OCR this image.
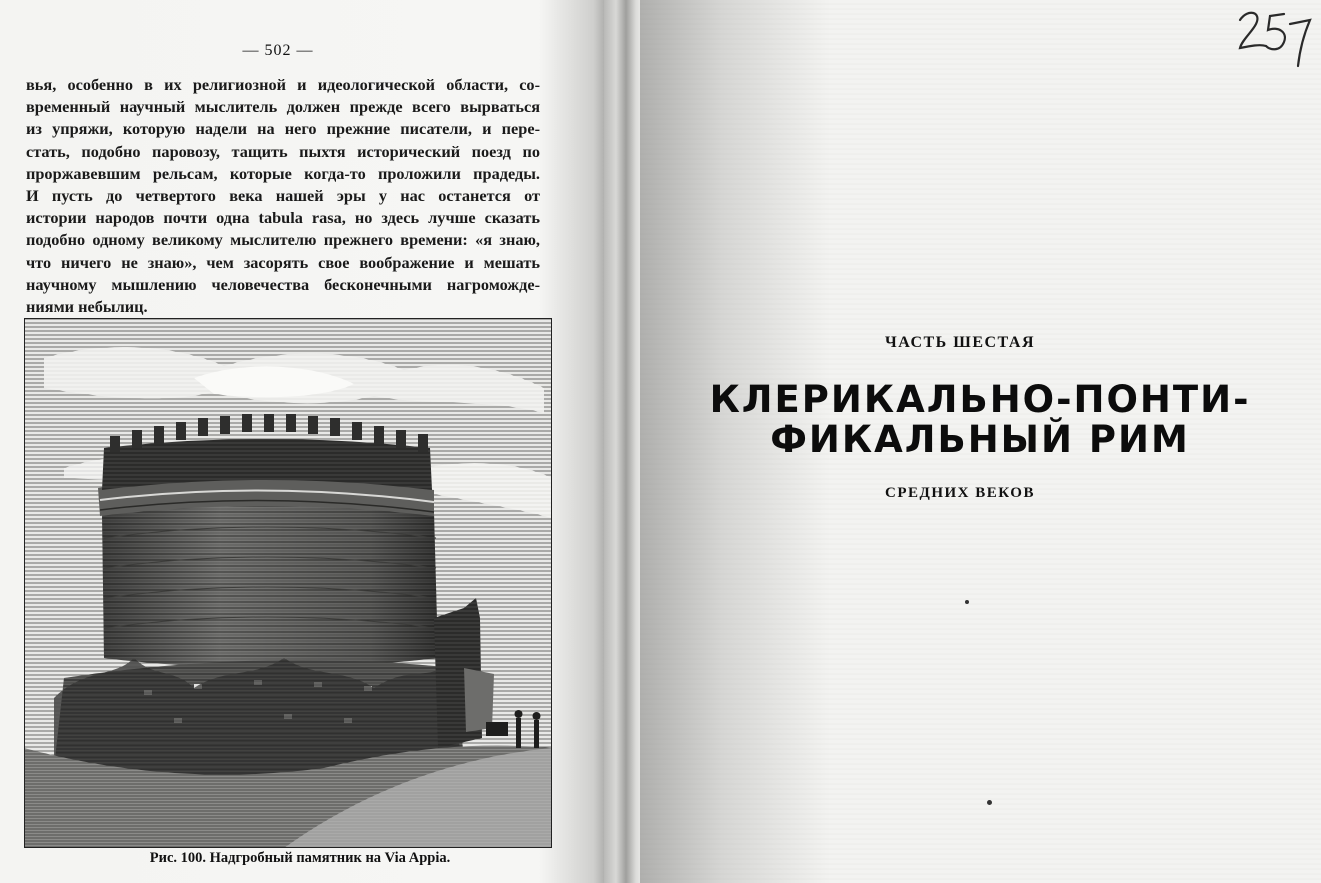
— 502 —
вья, особенно в их религиозной и идеологической области, со-
временный научный мыслитель должен прежде всего вырваться
из упряжи, которую надели на него прежние писатели, и пере-
стать, подобно паровозу, тащить пыхтя исторический поезд по
проржавевшим рельсам, которые когда-то проложили прадеды.
И пусть до четвертого века нашей эры у нас останется от
истории народов почти одна tabula rasa, но здесь лучше сказать
подобно одному великому мыслителю прежнего времени: «я знаю,
что ничего не знаю», чем засорять свое воображение и мешать
научному мышлению человечества бесконечными нагроможде-
ниями небылиц.
Рис. 100. Надгробный памятник на Via Appia.
ЧАСТЬ ШЕСТАЯ
КЛЕРИКАЛЬНО-ПОНТИ-
ФИКАЛЬНЫЙ РИМ
СРЕДНИХ ВЕКОВ
